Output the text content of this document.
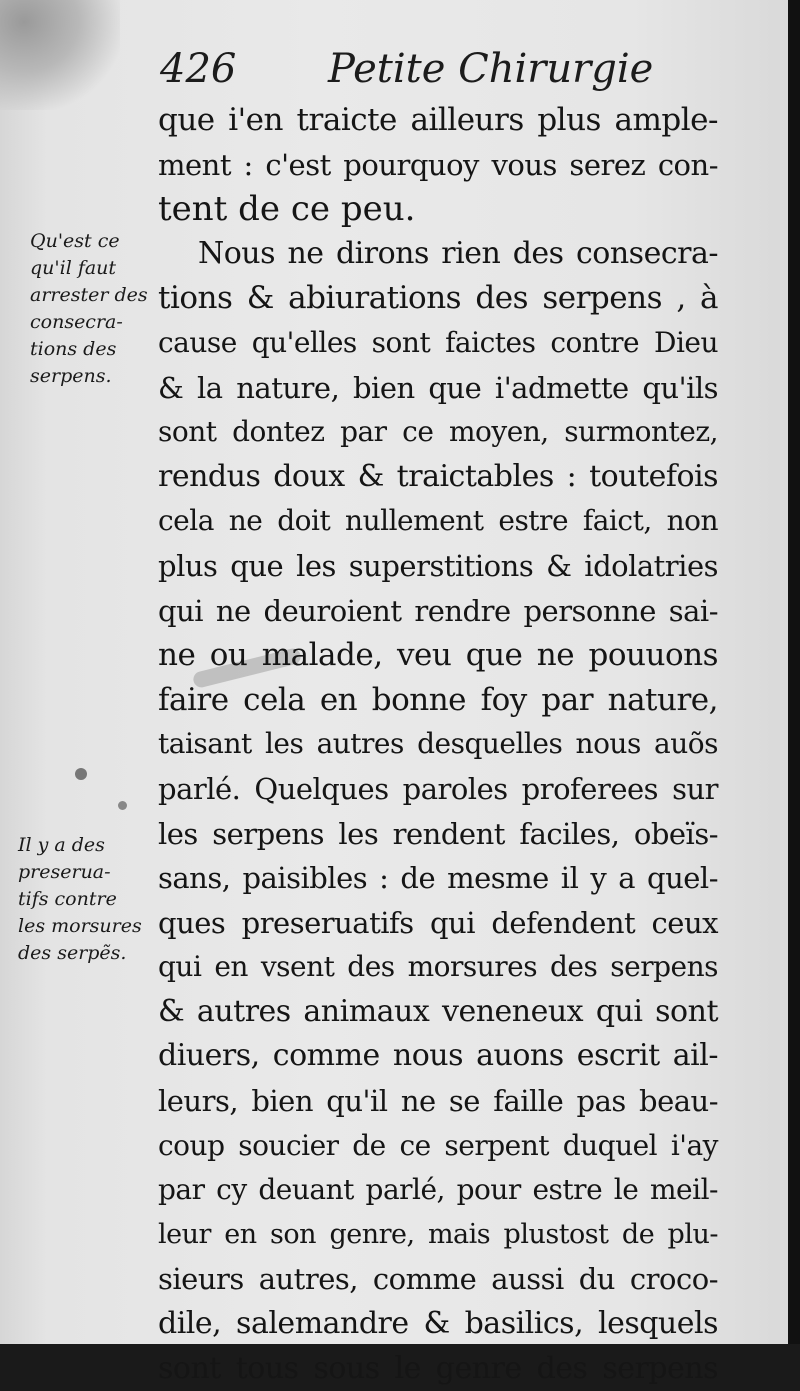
426 Petite Chirurgie
Qu'est ce
qu'il faut
arrester des
consecra-
tions des
serpens.
Il y a des
preserua-
tifs contre
les morsures
des serpẽs.
que i'en traicte ailleurs plus ample-
ment : c'est pourquoy vous serez con-
tent de ce peu.
Nous ne dirons rien des consecra-
tions & abiurations des serpens , à
cause qu'elles sont faictes contre Dieu
& la nature, bien que i'admette qu'ils
sont dontez par ce moyen, surmontez,
rendus doux & traictables : toutefois
cela ne doit nullement estre faict, non
plus que les superstitions & idolatries
qui ne deuroient rendre personne sai-
ne ou malade, veu que ne pouuons
faire cela en bonne foy par nature,
taisant les autres desquelles nous auõs
parlé. Quelques paroles proferees sur
les serpens les rendent faciles, obeïs-
sans, paisibles : de mesme il y a quel-
ques preseruatifs qui defendent ceux
qui en vsent des morsures des serpens
& autres animaux veneneux qui sont
diuers, comme nous auons escrit ail-
leurs, bien qu'il ne se faille pas beau-
coup soucier de ce serpent duquel i'ay
par cy deuant parlé, pour estre le meil-
leur en son genre, mais plustost de plu-
sieurs autres, comme aussi du croco-
dile, salemandre & basilics, lesquels
sont tous sous le genre des serpens
